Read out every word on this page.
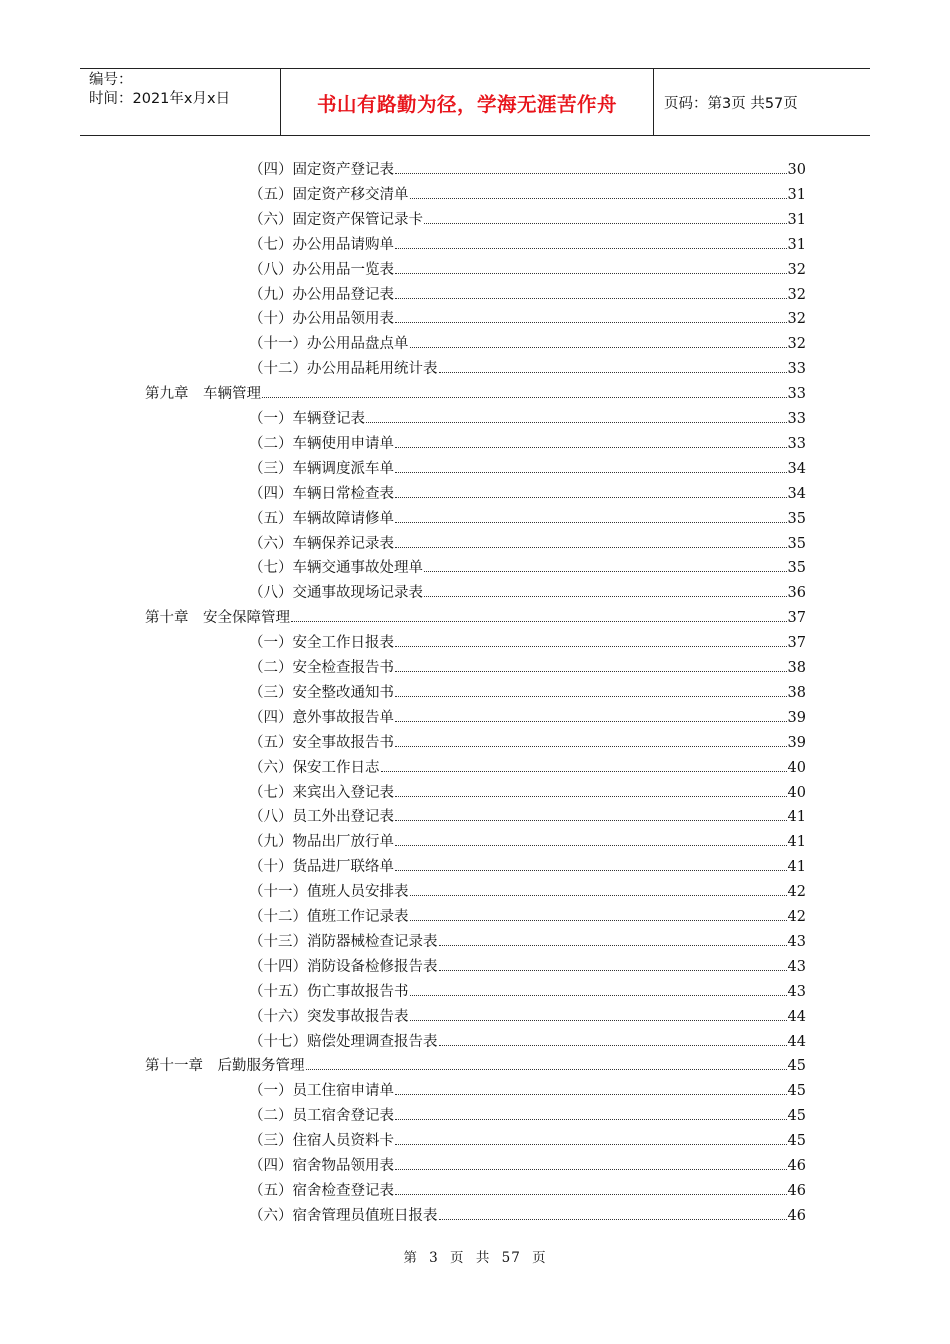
编号：
时间：2021年x月x日	书山有路勤为径，学海无涯苦作舟	页码：第3页 共57页
（四）固定资产登记表	30
（五）固定资产移交清单	31
（六）固定资产保管记录卡	31
（七）办公用品请购单	31
（八）办公用品一览表	32
（九）办公用品登记表	32
（十）办公用品领用表	32
（十一）办公用品盘点单	32
（十二）办公用品耗用统计表	33
第九章　车辆管理	33
（一）车辆登记表	33
（二）车辆使用申请单	33
（三）车辆调度派车单	34
（四）车辆日常检查表	34
（五）车辆故障请修单	35
（六）车辆保养记录表	35
（七）车辆交通事故处理单	35
（八）交通事故现场记录表	36
第十章　安全保障管理	37
（一）安全工作日报表	37
（二）安全检查报告书	38
（三）安全整改通知书	38
（四）意外事故报告单	39
（五）安全事故报告书	39
（六）保安工作日志	40
（七）来宾出入登记表	40
（八）员工外出登记表	41
（九）物品出厂放行单	41
（十）货品进厂联络单	41
（十一）值班人员安排表	42
（十二）值班工作记录表	42
（十三）消防器械检查记录表	43
（十四）消防设备检修报告表	43
（十五）伤亡事故报告书	43
（十六）突发事故报告表	44
（十七）赔偿处理调查报告表	44
第十一章　后勤服务管理	45
（一）员工住宿申请单	45
（二）员工宿舍登记表	45
（三）住宿人员资料卡	45
（四）宿舍物品领用表	46
（五）宿舍检查登记表	46
（六）宿舍管理员值班日报表	46
第 3 页 共 57 页
